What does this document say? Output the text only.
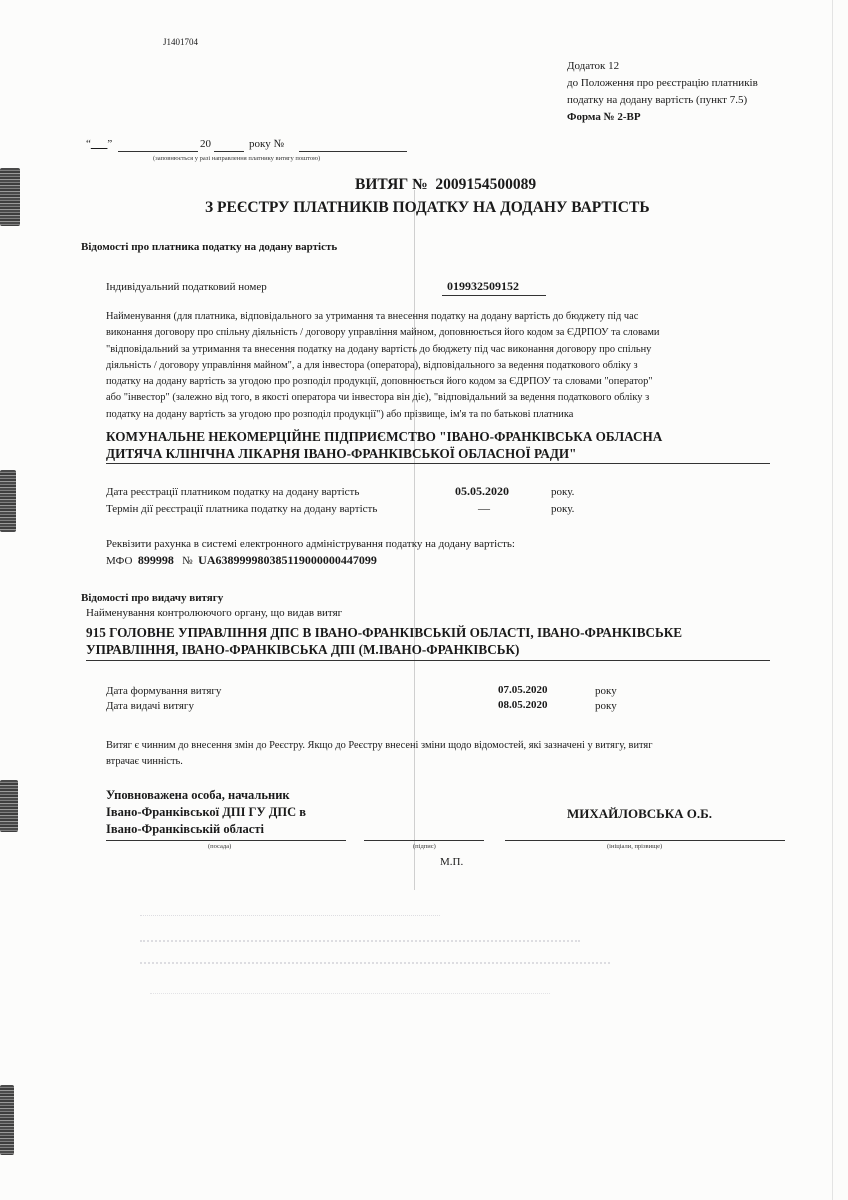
J1401704
Додаток 12
до Положення про реєстрацію платників
податку на додану вартість (пункт 7.5)
Форма № 2-ВР
“___”	20	року №
(заповнюється у разі направлення платнику витягу поштою)
ВИТЯГ № 2009154500089
З РЕЄСТРУ ПЛАТНИКІВ ПОДАТКУ НА ДОДАНУ ВАРТІСТЬ
Відомості про платника податку на додану вартість
Індивідуальний податковий номер	019932509152
Найменування (для платника, відповідального за утримання та внесення податку на додану вартість до бюджету під час
виконання договору про спільну діяльність / договору управління майном, доповнюється його кодом за ЄДРПОУ та словами
"відповідальний за утримання та внесення податку на додану вартість до бюджету під час виконання договору про спільну
діяльність / договору управління майном", а для інвестора (оператора), відповідального за ведення податкового обліку з
податку на додану вартість за угодою про розподіл продукції, доповнюється його кодом за ЄДРПОУ та словами "оператор"
або "інвестор" (залежно від того, в якості оператора чи інвестора він діє), "відповідальний за ведення податкового обліку з
податку на додану вартість за угодою про розподіл продукції") або прізвище, ім'я та по батькові платника
КОМУНАЛЬНЕ НЕКОМЕРЦІЙНЕ ПІДПРИЄМСТВО "ІВАНО-ФРАНКІВСЬКА ОБЛАСНА
ДИТЯЧА КЛІНІЧНА ЛІКАРНЯ ІВАНО-ФРАНКІВСЬКОЇ ОБЛАСНОЇ РАДИ"
Дата реєстрації платником податку на додану вартість	05.05.2020	року.
Термін дії реєстрації платника податку на додану вартість	—	року.
Реквізити рахунка в системі електронного адміністрування податку на додану вартість:
МФО 899998 № UA638999980385119000000447099
Відомості про видачу витягу
Найменування контролюючого органу, що видав витяг
915 ГОЛОВНЕ УПРАВЛІННЯ ДПС В ІВАНО-ФРАНКІВСЬКІЙ ОБЛАСТІ, ІВАНО-ФРАНКІВСЬКЕ
УПРАВЛІННЯ, ІВАНО-ФРАНКІВСЬКА ДПІ (М.ІВАНО-ФРАНКІВСЬК)
Дата формування витягу	07.05.2020	року
Дата видачі витягу	08.05.2020	року
Витяг є чинним до внесення змін до Реєстру. Якщо до Реєстру внесені зміни щодо відомостей, які зазначені у витягу, витяг
втрачає чинність.
Уповноважена особа, начальник
Івано-Франківської ДПІ ГУ ДПС в
Івано-Франківській області
(посада)	(підпис)
МИХАЙЛОВСЬКА О.Б.
(ініціали, прізвище)
М.П.
